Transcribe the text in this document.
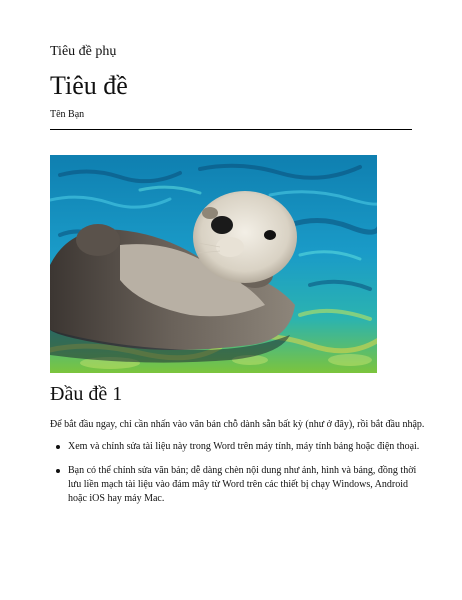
Tiêu đề phụ
Tiêu đề
Tên Bạn
Đầu đề 1
Để bắt đầu ngay, chỉ cần nhấn vào văn bản chỗ dành sẵn bất kỳ (như ở đây), rồi bắt đầu nhập.
Xem và chỉnh sửa tài liệu này trong Word trên máy tính, máy tính bảng hoặc điện thoại.
Bạn có thể chỉnh sửa văn bản; dễ dàng chèn nội dung như ảnh, hình và bảng, đồng thời lưu liền mạch tài liệu vào đám mây từ Word trên các thiết bị chạy Windows, Android hoặc iOS hay máy Mac.
